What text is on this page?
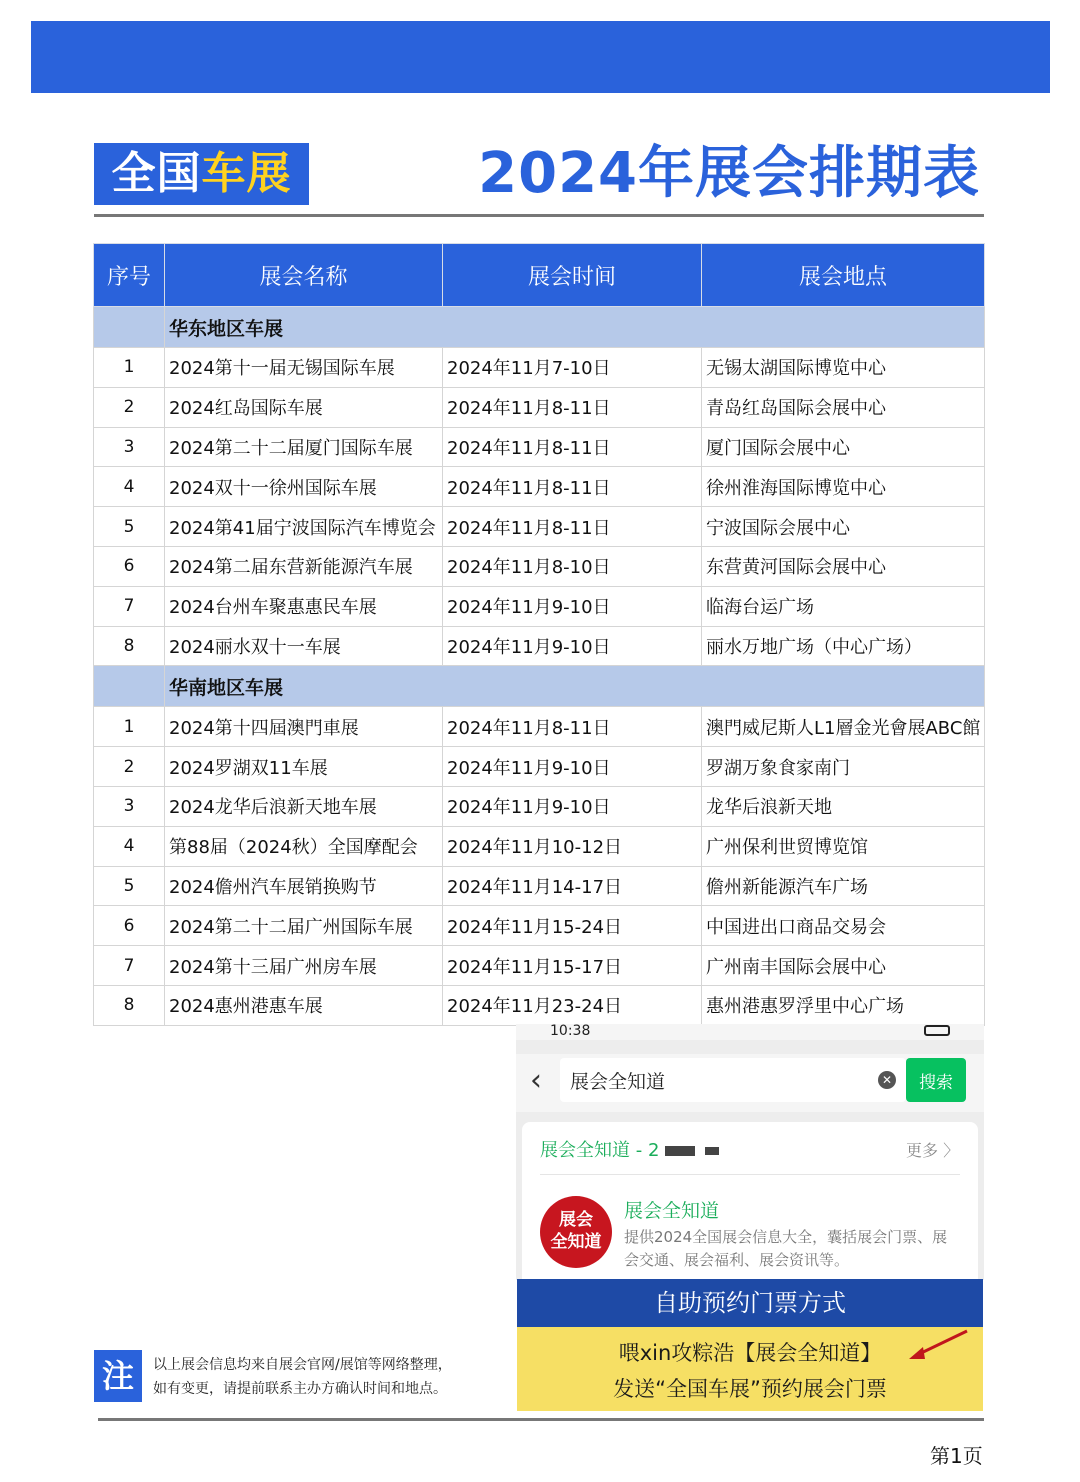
全国车展	2024年展会排期表
序号	展会名称	展会时间	展会地点
	华东地区车展		
1	2024第十一届无锡国际车展	2024年11月7-10日	无锡太湖国际博览中心
2	2024红岛国际车展	2024年11月8-11日	青岛红岛国际会展中心
3	2024第二十二届厦门国际车展	2024年11月8-11日	厦门国际会展中心
4	2024双十一徐州国际车展	2024年11月8-11日	徐州淮海国际博览中心
5	2024第41届宁波国际汽车博览会	2024年11月8-11日	宁波国际会展中心
6	2024第二届东营新能源汽车展	2024年11月8-10日	东营黄河国际会展中心
7	2024台州车聚惠惠民车展	2024年11月9-10日	临海台运广场
8	2024丽水双十一车展	2024年11月9-10日	丽水万地广场（中心广场）
	华南地区车展		
1	2024第十四屆澳門車展	2024年11月8-11日	澳門威尼斯人L1層金光會展ABC館
2	2024罗湖双11车展	2024年11月9-10日	罗湖万象食家南门
3	2024龙华后浪新天地车展	2024年11月9-10日	龙华后浪新天地
4	第88届（2024秋）全国摩配会	2024年11月10-12日	广州保利世贸博览馆
5	2024儋州汽车展销换购节	2024年11月14-17日	儋州新能源汽车广场
6	2024第二十二届广州国际车展	2024年11月15-24日	中国进出口商品交易会
7	2024第十三届广州房车展	2024年11月15-17日	广州南丰国际会展中心
8	2024惠州港惠车展	2024年11月23-24日	惠州港惠罗浮里中心广场
10:38
‹
展会全知道	✕	搜索
展会全知道 - 2	更多 〉
展会
全知道
展会全知道
提供2024全国展会信息大全，囊括展会门票、展会交通、展会福利、展会资讯等。
自助预约门票方式
喂xin攻粽浩【展会全知道】
发送“全国车展”预约展会门票
注	以上展会信息均来自展会官网/展馆等网络整理，
如有变更，请提前联系主办方确认时间和地点。
第1页
